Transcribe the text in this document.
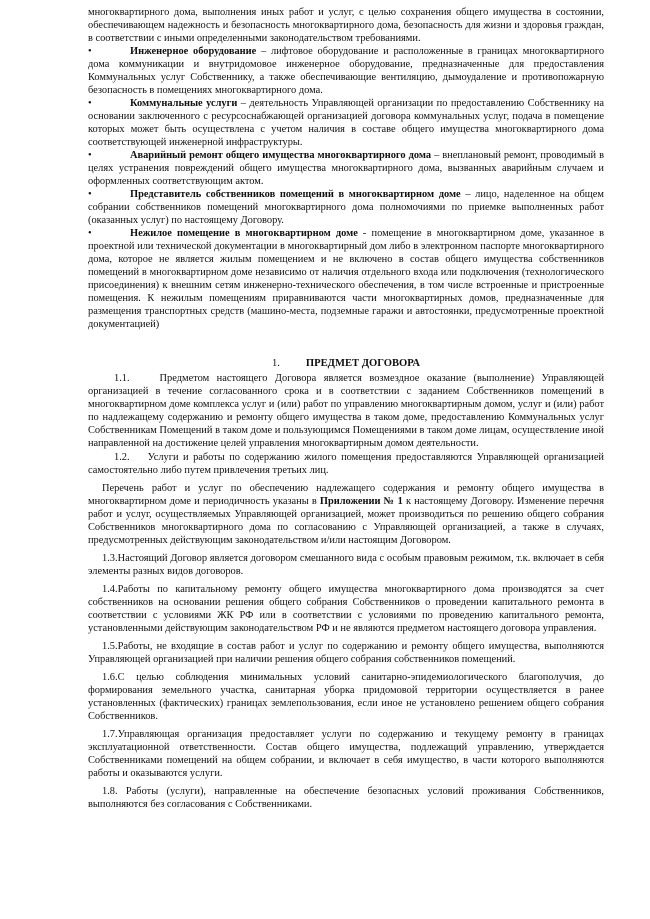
многоквартирного дома, выполнения иных работ и услуг, с целью сохранения общего имущества в состоянии, обеспечивающем надежность и безопасность многоквартирного дома, безопасность для жизни и здоровья граждан, в соответствии с иными определенными законодательством требованиями.

•	Инженерное оборудование – лифтовое оборудование и расположенные в границах многоквартирного дома коммуникации и внутридомовое инженерное оборудование, предназначенные для предоставления Коммунальных услуг Собственнику, а также обеспечивающие вентиляцию, дымоудаление и противопожарную безопасность в помещениях многоквартирного дома.
•	Коммунальные услуги – деятельность Управляющей организации по предоставлению Собственнику на основании заключенного с ресурсоснабжающей организацией договора коммунальных услуг, подача в помещение которых может быть осуществлена с учетом наличия в составе общего имущества многоквартирного дома соответствующей инженерной инфраструктуры.
•	Аварийный ремонт общего имущества многоквартирного дома – внеплановый ремонт, проводимый в целях устранения повреждений общего имущества многоквартирного дома, вызванных аварийным случаем и оформленных соответствующим актом.
•	Представитель собственников помещений в многоквартирном доме – лицо, наделенное на общем собрании собственников помещений многоквартирного дома полномочиями по приемке выполненных работ (оказанных услуг) по настоящему Договору.
•	Нежилое помещение в многоквартирном доме - помещение в многоквартирном доме, указанное в проектной или технической документации в многоквартирный дом либо в электронном паспорте многоквартирного дома, которое не является жилым помещением и не включено в состав общего имущества собственников помещений в многоквартирном доме независимо от наличия отдельного входа или подключения (технологического присоединения) к внешним сетям инженерно-технического обеспечения, в том числе встроенные и пристроенные помещения. К нежилым помещениям приравниваются части многоквартирных домов, предназначенные для размещения транспортных средств (машино-места, подземные гаражи и автостоянки, предусмотренные проектной документацией)
1. ПРЕДМЕТ ДОГОВОРА

1.1.	Предметом настоящего Договора является возмездное оказание (выполнение) Управляющей организацией в течение согласованного срока и в соответствии с заданием Собственников помещений в многоквартирном доме комплекса услуг и (или) работ по управлению многоквартирным домом, услуг и (или) работ по надлежащему содержанию и ремонту общего имущества в таком доме, предоставлению Коммунальных услуг Собственникам Помещений в таком доме и пользующимся Помещениями в таком доме лицам, осуществление иной направленной на достижение целей управления многоквартирным домом деятельности.

1.2. Услуги и работы по содержанию жилого помещения предоставляются Управляющей организацией самостоятельно либо путем привлечения третьих лиц.

Перечень работ и услуг по обеспечению надлежащего содержания и ремонту общего имущества в многоквартирном доме и периодичность указаны в Приложении № 1 к настоящему Договору. Изменение перечня работ и услуг, осуществляемых Управляющей организацией, может производиться по решению общего собрания Собственников многоквартирного дома по согласованию с Управляющей организацией, а также в случаях, предусмотренных действующим законодательством и/или настоящим Договором.

1.3.Настоящий Договор является договором смешанного вида с особым правовым режимом, т.к. включает в себя элементы разных видов договоров.

1.4.Работы по капитальному ремонту общего имущества многоквартирного дома производятся за счет собственников на основании решения общего собрания Собственников о проведении капитального ремонта в соответствии с условиями ЖК РФ или в соответствии с условиями по проведению капитального ремонта, установленными действующим законодательством РФ и не являются предметом настоящего договора управления.

1.5.Работы, не входящие в состав работ и услуг по содержанию и ремонту общего имущества, выполняются Управляющей организацией при наличии решения общего собрания собственников помещений.

1.6.С целью соблюдения минимальных условий санитарно-эпидемиологического благополучия, до формирования земельного участка, санитарная уборка придомовой территории осуществляется в ранее установленных (фактических) границах землепользования, если иное не установлено решением общего собрания Собственников.

1.7.Управляющая организация предоставляет услуги по содержанию и текущему ремонту в границах эксплуатационной ответственности. Состав общего имущества, подлежащий управлению, утверждается Собственниками помещений на общем собрании, и включает в себя имущество, в части которого выполняются работы и оказываются услуги.

1.8. Работы (услуги), направленные на обеспечение безопасных условий проживания Собственников, выполняются без согласования с Собственниками.
